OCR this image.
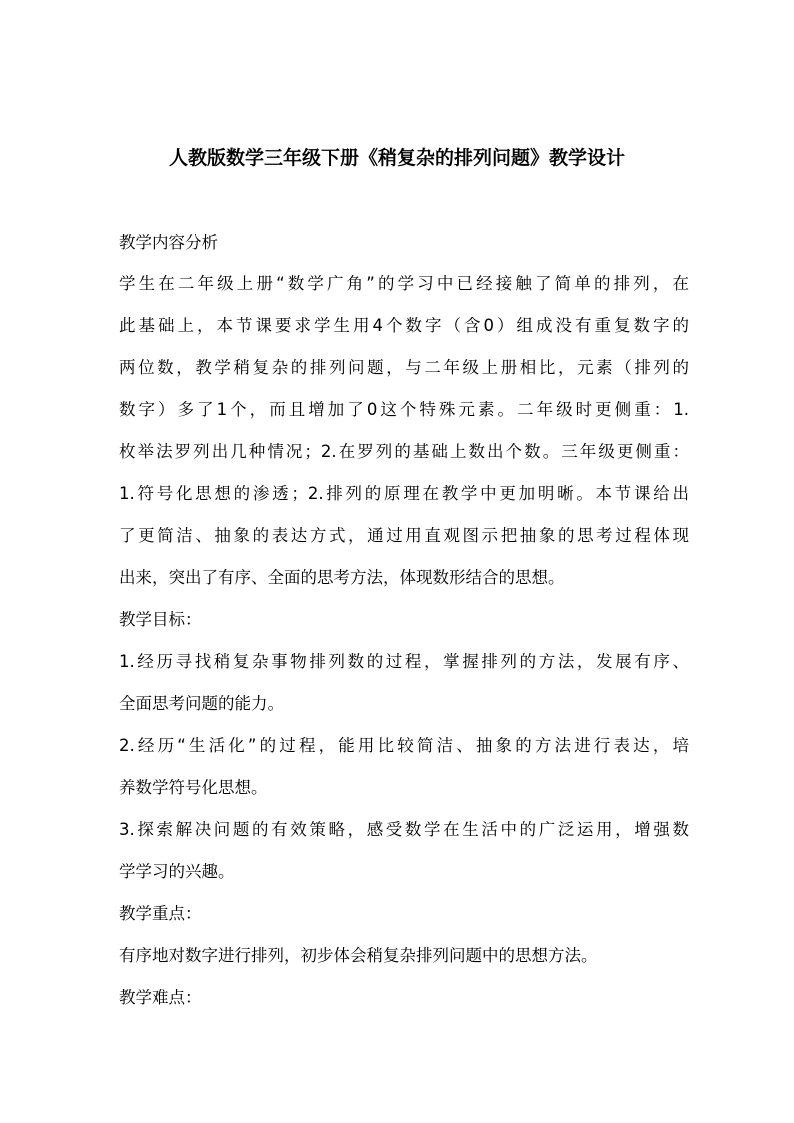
人教版数学三年级下册《稍复杂的排列问题》教学设计
教学内容分析
学生在二年级上册“数学广角”的学习中已经接触了简单的排列，在
此基础上，本节课要求学生用4个数字（含0）组成没有重复数字的
两位数，教学稍复杂的排列问题，与二年级上册相比，元素（排列的
数字）多了1个，而且增加了0这个特殊元素。二年级时更侧重：1.
枚举法罗列出几种情况；2.在罗列的基础上数出个数。三年级更侧重：
1.符号化思想的渗透；2.排列的原理在教学中更加明晰。本节课给出
了更简洁、抽象的表达方式，通过用直观图示把抽象的思考过程体现
出来，突出了有序、全面的思考方法，体现数形结合的思想。
教学目标：
1.经历寻找稍复杂事物排列数的过程，掌握排列的方法，发展有序、
全面思考问题的能力。
2.经历“生活化”的过程，能用比较简洁、抽象的方法进行表达，培
养数学符号化思想。
3.探索解决问题的有效策略，感受数学在生活中的广泛运用，增强数
学学习的兴趣。
教学重点：
有序地对数字进行排列，初步体会稍复杂排列问题中的思想方法。
教学难点：
